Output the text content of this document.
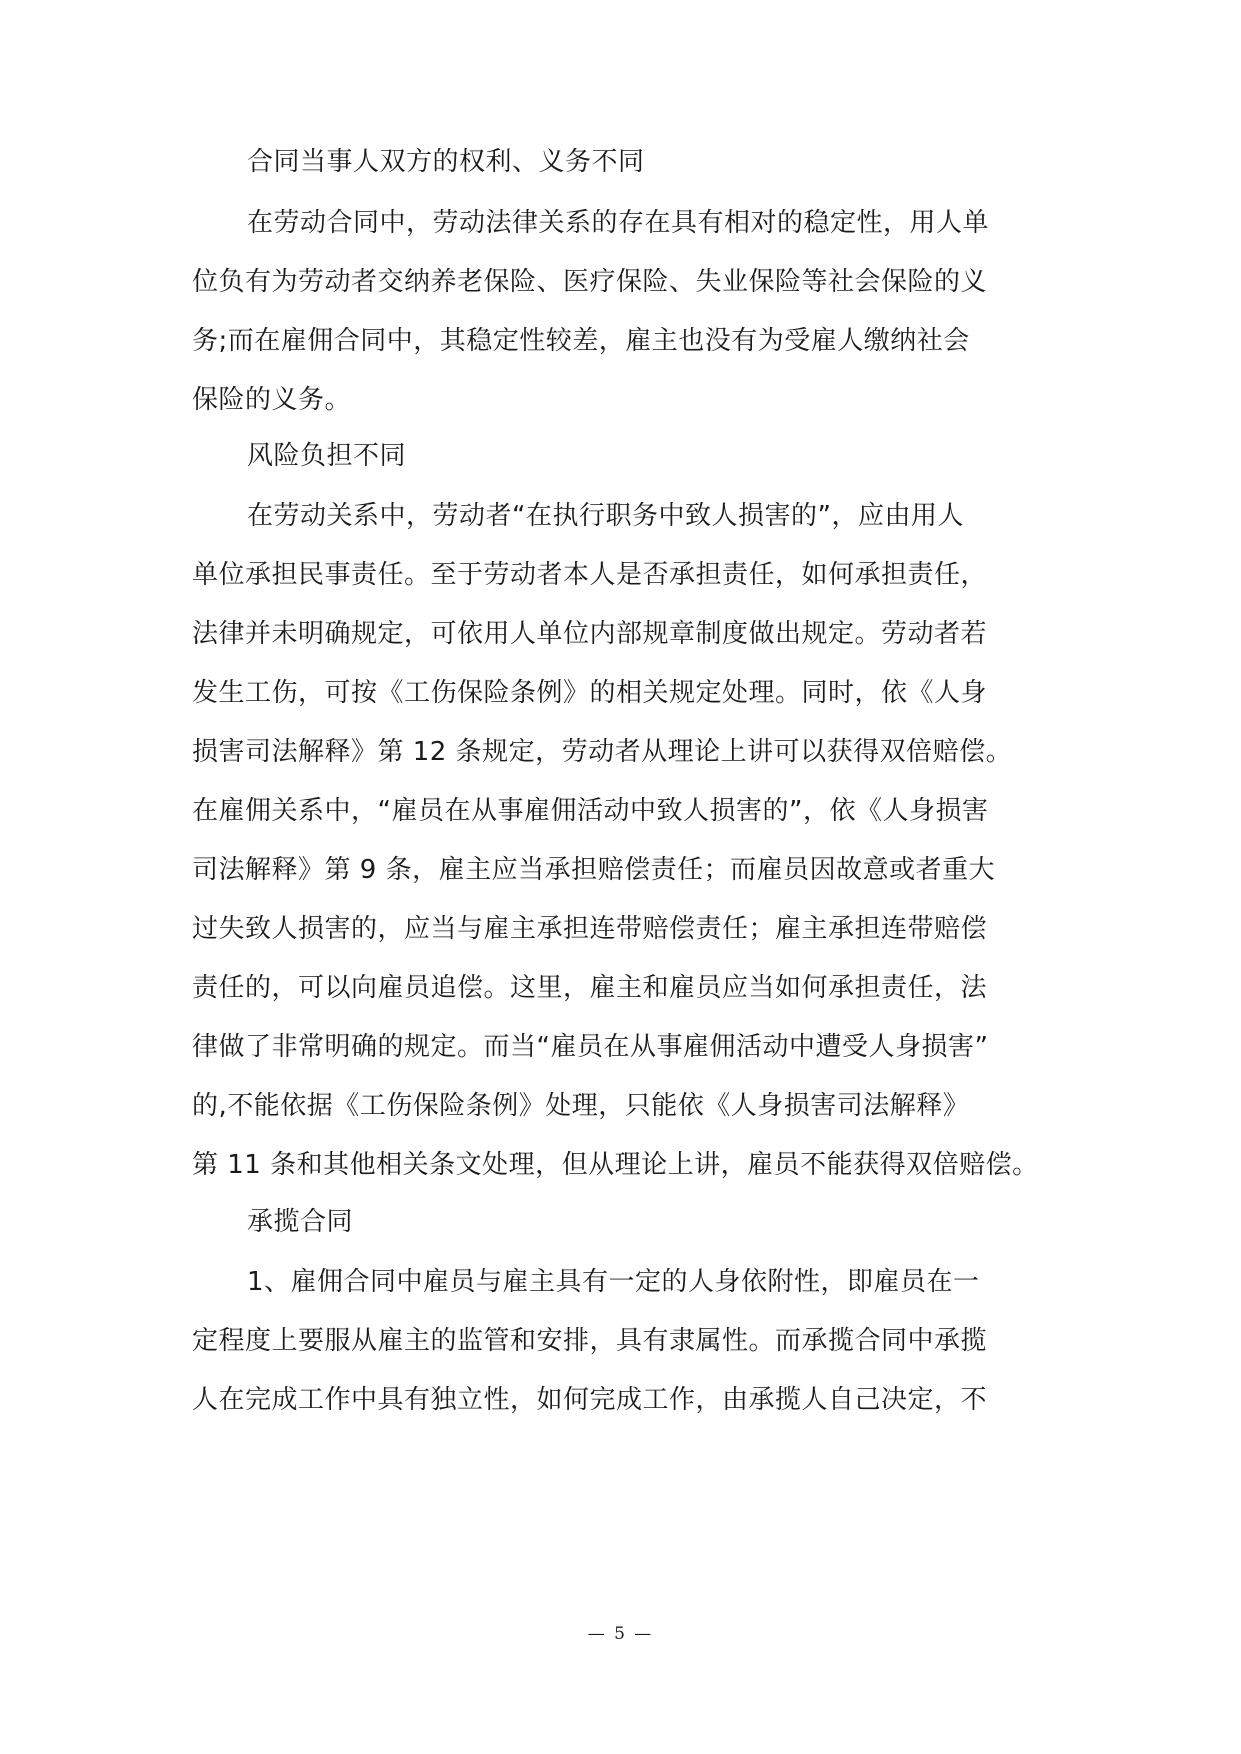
合同当事人双方的权利、义务不同
在劳动合同中，劳动法律关系的存在具有相对的稳定性，用人单
位负有为劳动者交纳养老保险、医疗保险、失业保险等社会保险的义
务;而在雇佣合同中，其稳定性较差，雇主也没有为受雇人缴纳社会
保险的义务。
风险负担不同
在劳动关系中，劳动者“在执行职务中致人损害的”，应由用人
单位承担民事责任。至于劳动者本人是否承担责任，如何承担责任，
法律并未明确规定，可依用人单位内部规章制度做出规定。劳动者若
发生工伤，可按《工伤保险条例》的相关规定处理。同时，依《人身
损害司法解释》第 12 条规定，劳动者从理论上讲可以获得双倍赔偿。
在雇佣关系中，“雇员在从事雇佣活动中致人损害的”，依《人身损害
司法解释》第 9 条，雇主应当承担赔偿责任；而雇员因故意或者重大
过失致人损害的，应当与雇主承担连带赔偿责任；雇主承担连带赔偿
责任的，可以向雇员追偿。这里，雇主和雇员应当如何承担责任，法
律做了非常明确的规定。而当“雇员在从事雇佣活动中遭受人身损害”
的,不能依据《工伤保险条例》处理，只能依《人身损害司法解释》
第 11 条和其他相关条文处理，但从理论上讲，雇员不能获得双倍赔偿。
承揽合同
1、雇佣合同中雇员与雇主具有一定的人身依附性，即雇员在一
定程度上要服从雇主的监管和安排，具有隶属性。而承揽合同中承揽
人在完成工作中具有独立性，如何完成工作，由承揽人自己决定，不
— 5 —
